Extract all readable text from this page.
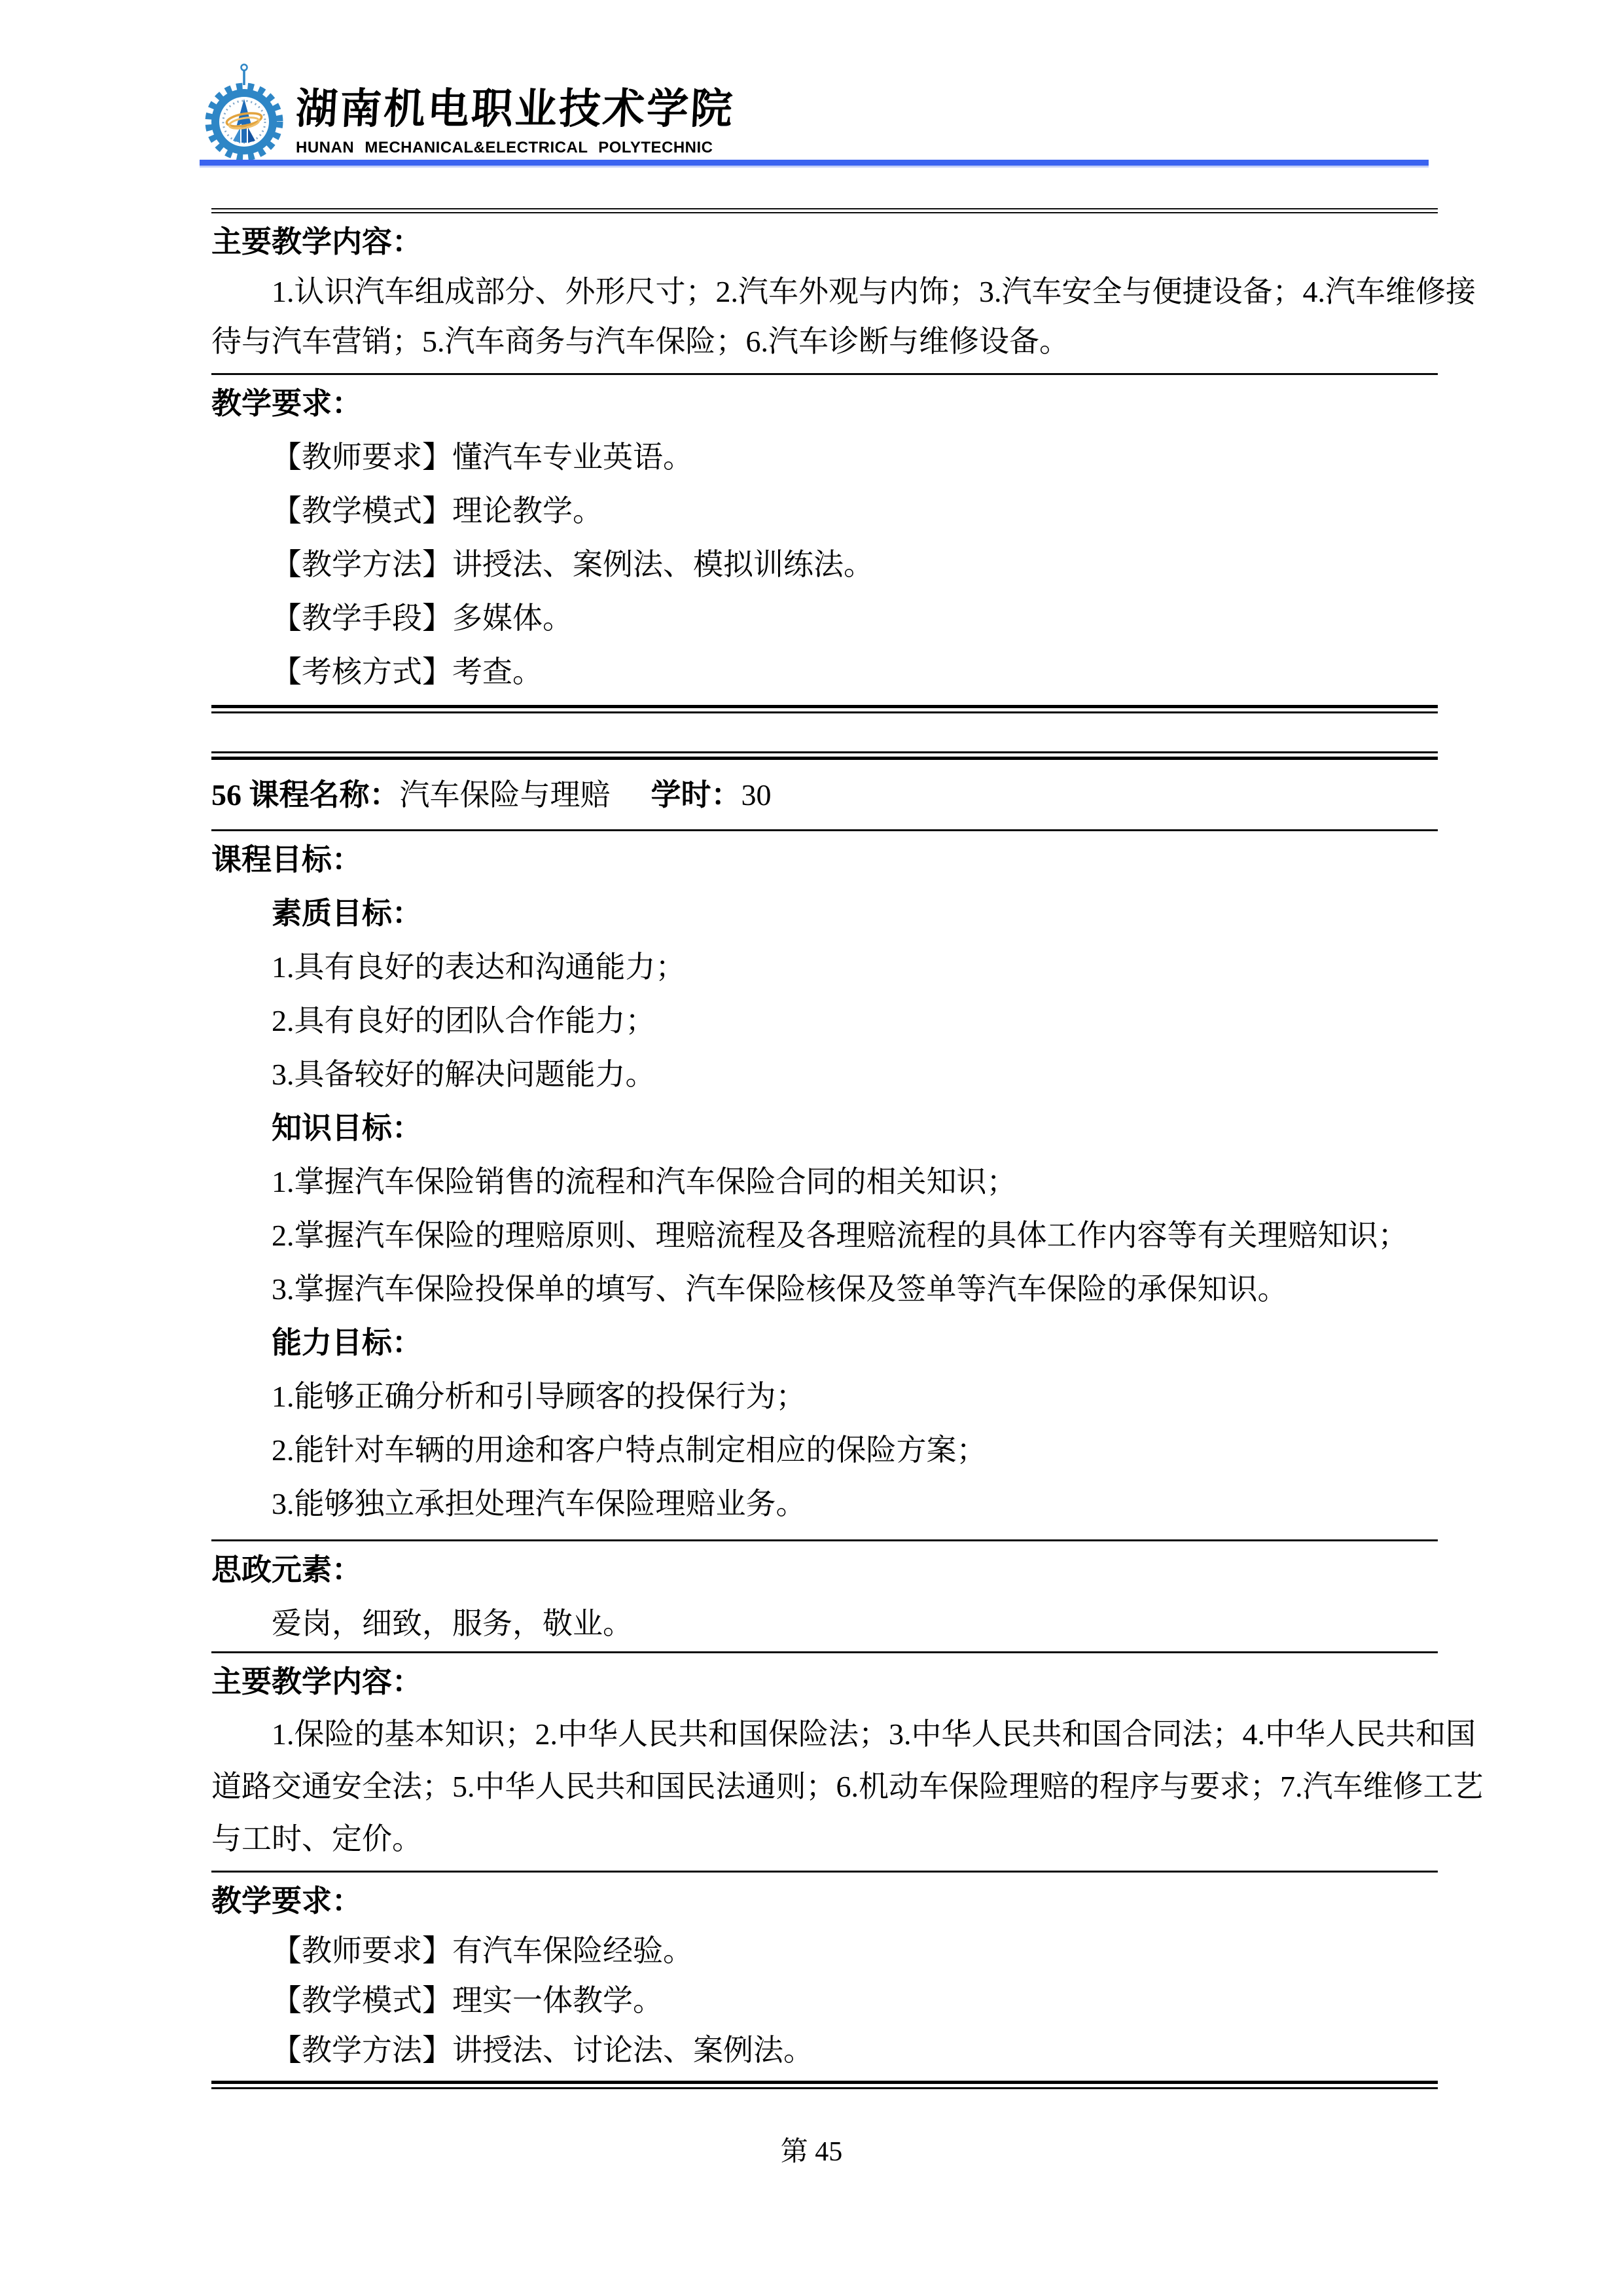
湖南机电职业技术学院
HUNAN MECHANICAL&ELECTRICAL POLYTECHNIC
主要教学内容：
1.认识汽车组成部分、外形尺寸；2.汽车外观与内饰；3.汽车安全与便捷设备；4.汽车维修接
待与汽车营销；5.汽车商务与汽车保险；6.汽车诊断与维修设备。
教学要求：
【教师要求】懂汽车专业英语。
【教学模式】理论教学。
【教学方法】讲授法、案例法、模拟训练法。
【教学手段】多媒体。
【考核方式】考查。
56 课程名称：汽车保险与理赔 学时：30
课程目标：
素质目标：
1.具有良好的表达和沟通能力；
2.具有良好的团队合作能力；
3.具备较好的解决问题能力。
知识目标：
1.掌握汽车保险销售的流程和汽车保险合同的相关知识；
2.掌握汽车保险的理赔原则、理赔流程及各理赔流程的具体工作内容等有关理赔知识；
3.掌握汽车保险投保单的填写、汽车保险核保及签单等汽车保险的承保知识。
能力目标：
1.能够正确分析和引导顾客的投保行为；
2.能针对车辆的用途和客户特点制定相应的保险方案；
3.能够独立承担处理汽车保险理赔业务。
思政元素：
爱岗，细致，服务，敬业。
主要教学内容：
1.保险的基本知识；2.中华人民共和国保险法；3.中华人民共和国合同法；4.中华人民共和国
道路交通安全法；5.中华人民共和国民法通则；6.机动车保险理赔的程序与要求；7.汽车维修工艺
与工时、定价。
教学要求：
【教师要求】有汽车保险经验。
【教学模式】理实一体教学。
【教学方法】讲授法、讨论法、案例法。
第 45
